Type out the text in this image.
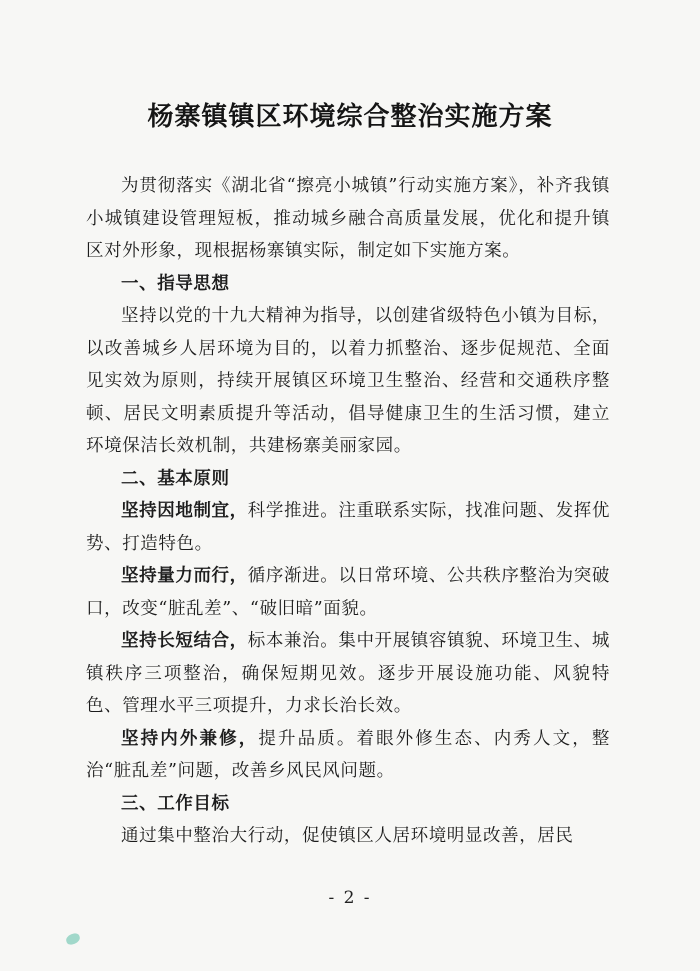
杨寨镇镇区环境综合整治实施方案

为贯彻落实《湖北省“擦亮小城镇”行动实施方案》，补齐我镇小城镇建设管理短板，推动城乡融合高质量发展，优化和提升镇区对外形象，现根据杨寨镇实际，制定如下实施方案。

一、指导思想

坚持以党的十九大精神为指导，以创建省级特色小镇为目标，以改善城乡人居环境为目的，以着力抓整治、逐步促规范、全面见实效为原则，持续开展镇区环境卫生整治、经营和交通秩序整顿、居民文明素质提升等活动，倡导健康卫生的生活习惯，建立环境保洁长效机制，共建杨寨美丽家园。

二、基本原则

坚持因地制宜，科学推进。注重联系实际，找准问题、发挥优势、打造特色。

坚持量力而行，循序渐进。以日常环境、公共秩序整治为突破口，改变“脏乱差”、“破旧暗”面貌。

坚持长短结合，标本兼治。集中开展镇容镇貌、环境卫生、城镇秩序三项整治，确保短期见效。逐步开展设施功能、风貌特色、管理水平三项提升，力求长治长效。

坚持内外兼修，提升品质。着眼外修生态、内秀人文，整治“脏乱差”问题，改善乡风民风问题。

三、工作目标

通过集中整治大行动，促使镇区人居环境明显改善，居民

- 2 -
